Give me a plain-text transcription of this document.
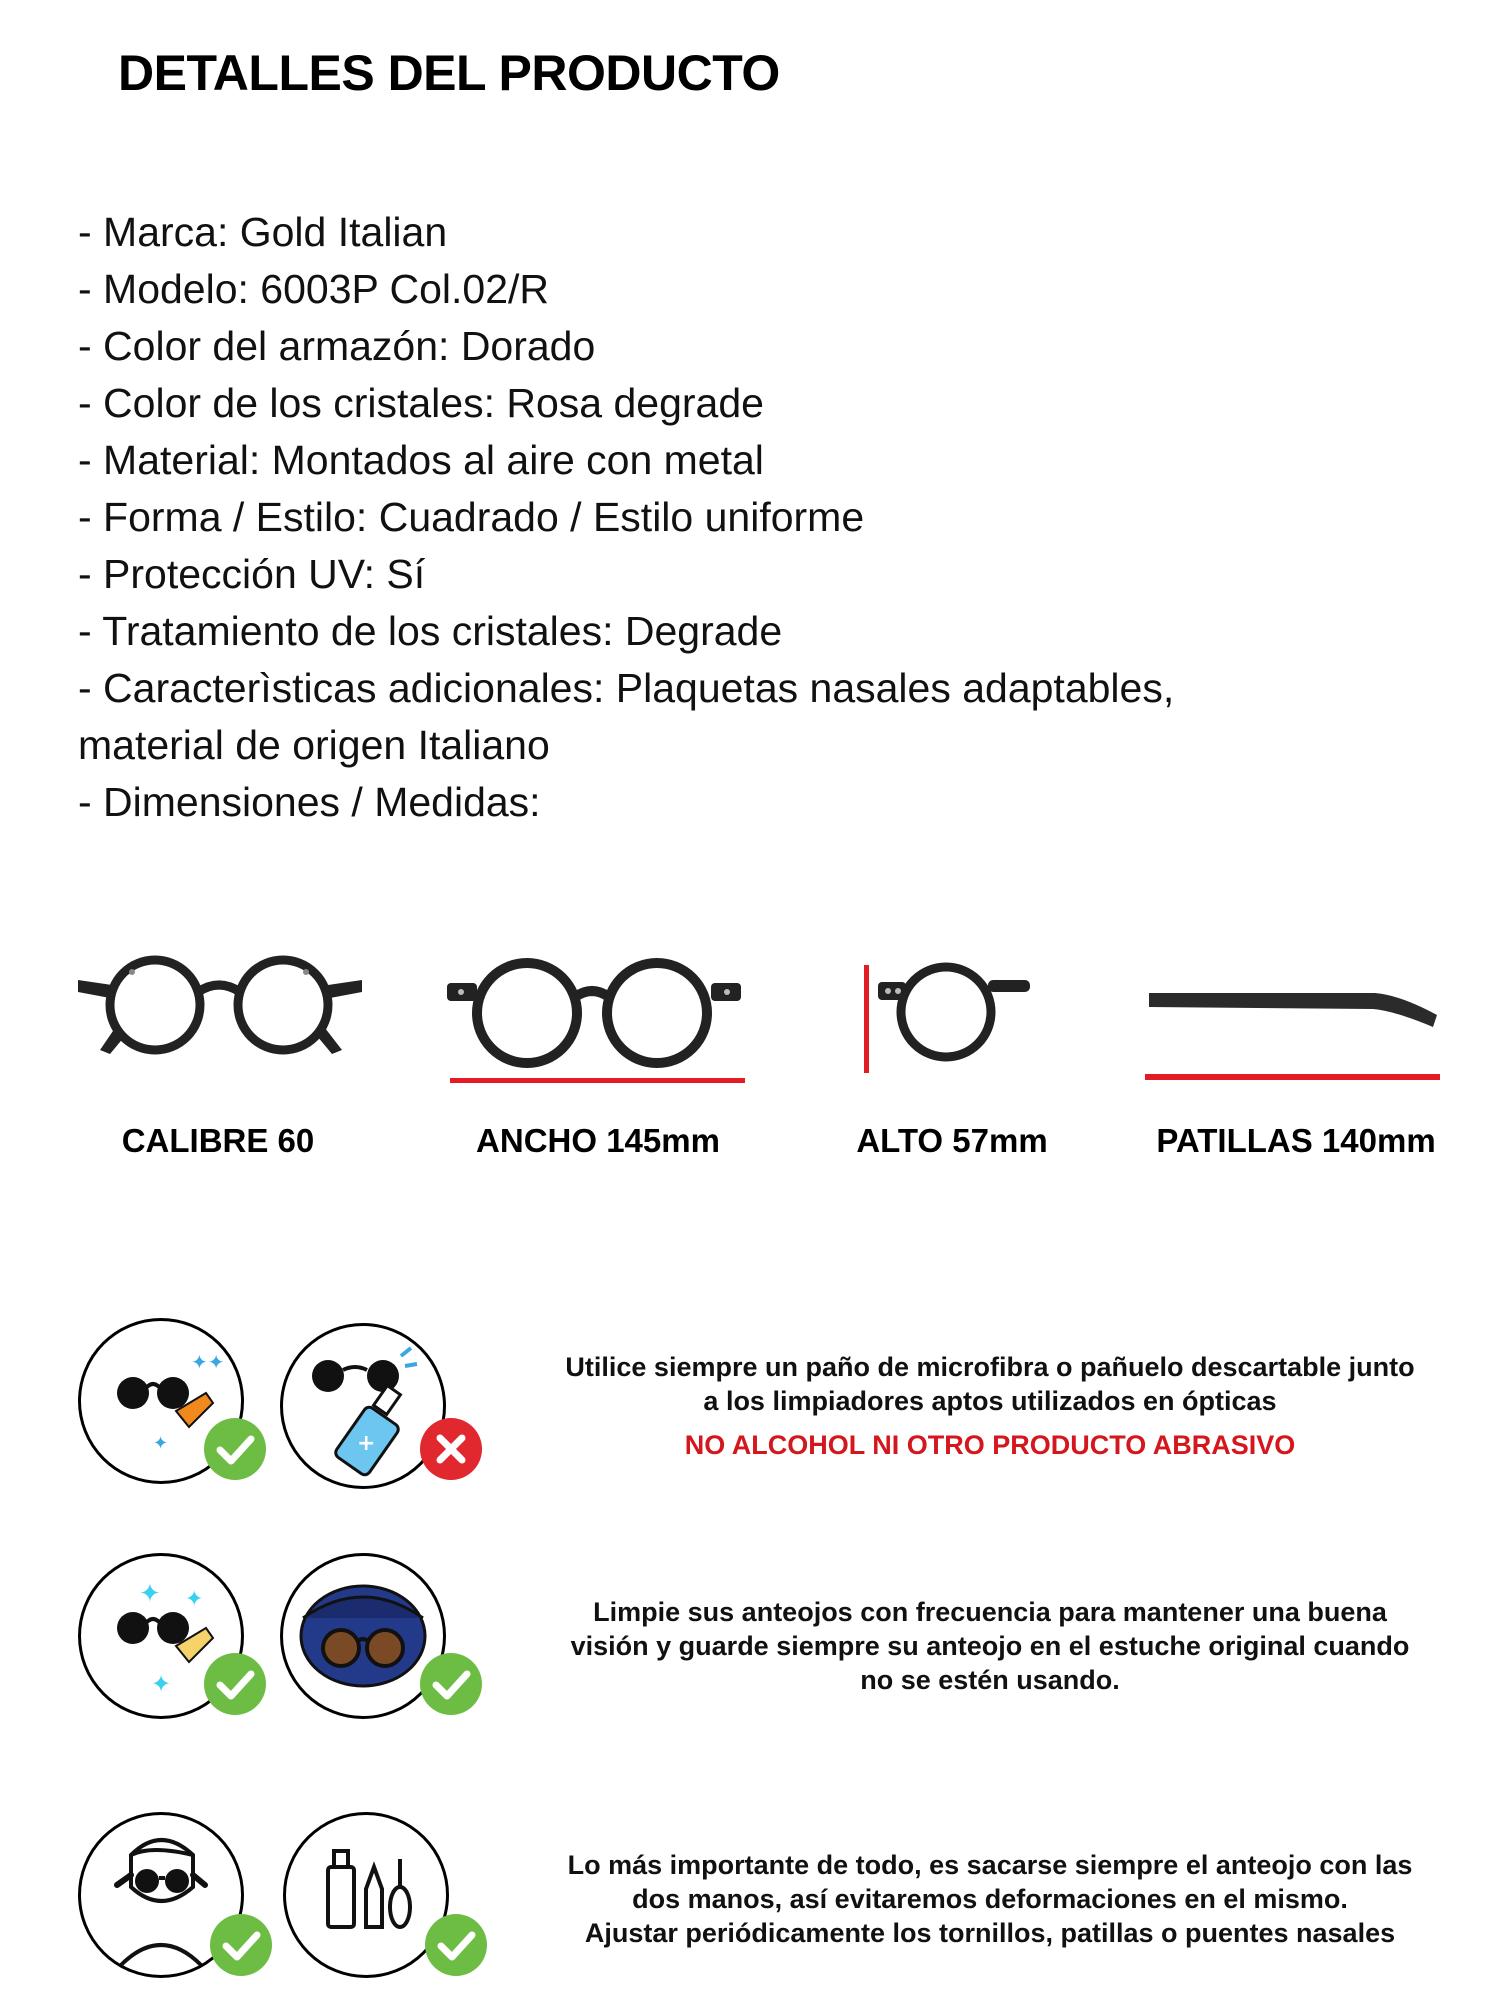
DETALLES DEL PRODUCTO
- Marca: Gold Italian
- Modelo: 6003P Col.02/R
- Color del armazón: Dorado
- Color de los cristales: Rosa degrade
- Material: Montados al aire con metal
- Forma / Estilo: Cuadrado / Estilo uniforme
- Protección UV: Sí
- Tratamiento de los cristales: Degrade
- Caracterìsticas adicionales: Plaquetas nasales adaptables,
material de origen Italiano
- Dimensiones / Medidas:
CALIBRE 60	ANCHO 145mm	ALTO 57mm	PATILLAS 140mm
✦✦
✦	+
Utilice siempre un paño de microfibra o pañuelo descartable junto
a los limpiadores aptos utilizados en ópticas
NO ALCOHOL NI OTRO PRODUCTO ABRASIVO
✦ ✦
✦
Limpie sus anteojos con frecuencia para mantener una buena
visión y guarde siempre su anteojo en el estuche original cuando
no se estén usando.
Lo más importante de todo, es sacarse siempre el anteojo con las
dos manos, así evitaremos deformaciones en el mismo.
Ajustar periódicamente los tornillos, patillas o puentes nasales
